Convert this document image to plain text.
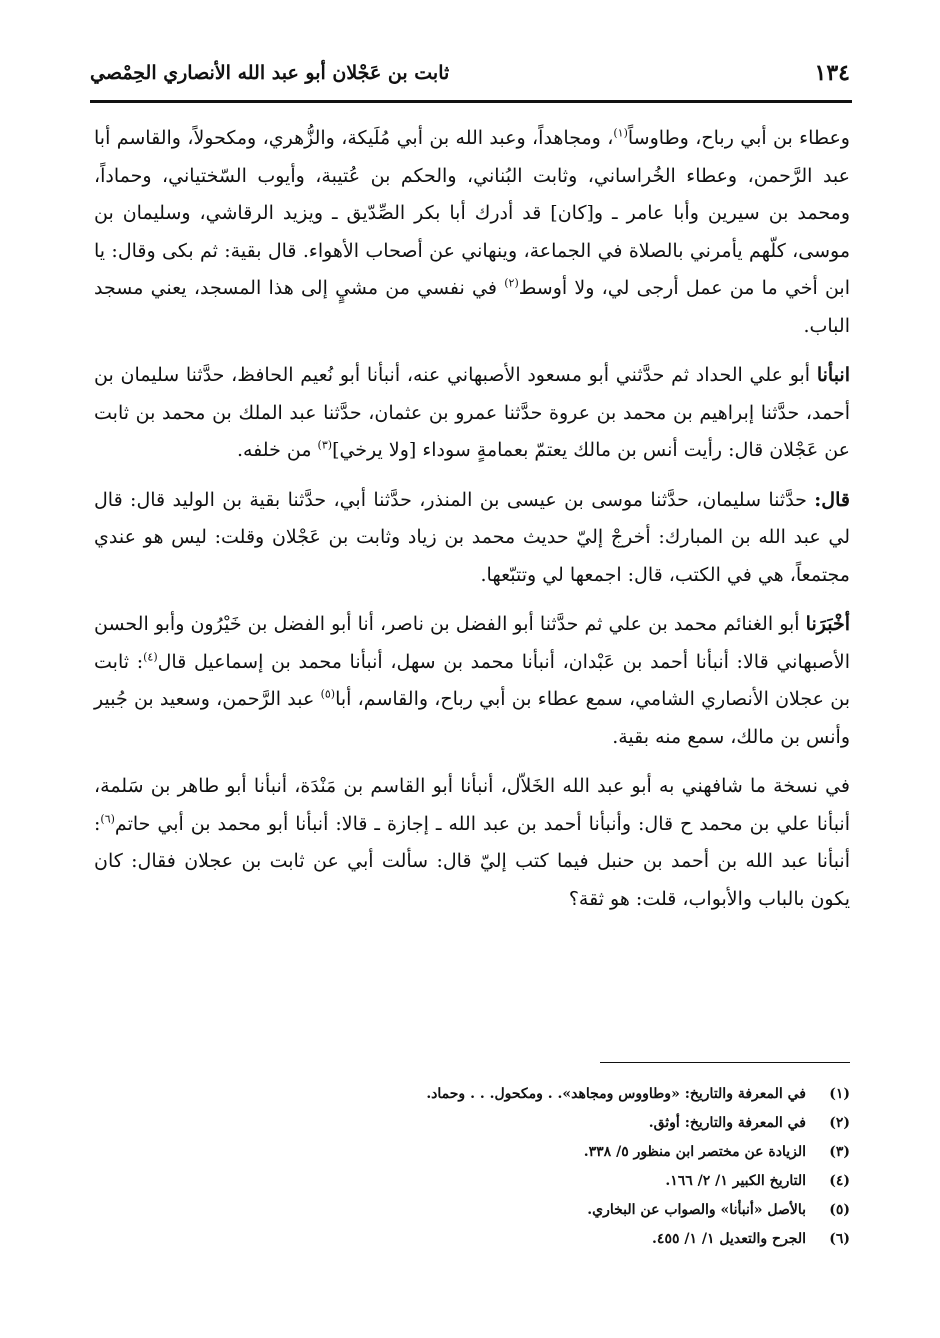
١٣٤
ثابت بن عَجْلان أبو عبد الله الأنصاري الحِمْصي

وعطاء بن أبي رباح، وطاوساً$^{(١)}$، ومجاهداً، وعبد الله بن أبي مُلَيكة، والزُّهري، ومكحولاً، والقاسم أبا عبد الرَّحمن، وعطاء الخُراساني، وثابت البُناني، والحكم بن عُتيبة، وأيوب السّختياني، وحماداً، ومحمد بن سيرين وأبا عامر ـ و[كان] قد أدرك أبا بكر الصِّدّيق ـ ويزيد الرقاشي، وسليمان بن موسى، كلّهم يأمرني بالصلاة في الجماعة، وينهاني عن أصحاب الأهواء. قال بقية: ثم بكى وقال: يا ابن أخي ما من عمل أرجى لي، ولا أوسط$^{(٢)}$ في نفسي من مشيٍ إلى هذا المسجد، يعني مسجد الباب.

انبأنا أبو علي الحداد ثم حدَّثني أبو مسعود الأصبهاني عنه، أنبأنا أبو نُعيم الحافظ، حدَّثنا سليمان بن أحمد، حدَّثنا إبراهيم بن محمد بن عروة حدَّثنا عمرو بن عثمان، حدَّثنا عبد الملك بن محمد بن ثابت عن عَجْلان قال: رأيت أنس بن مالك يعتمّ بعمامةٍ سوداء [ولا يرخي]$^{(٣)}$ من خلفه.

قال: حدَّثنا سليمان، حدَّثنا موسى بن عيسى بن المنذر، حدَّثنا أبي، حدَّثنا بقية بن الوليد قال: قال لي عبد الله بن المبارك: أخرجْ إليّ حديث محمد بن زياد وثابت بن عَجْلان وقلت: ليس هو عندي مجتمعاً، هي في الكتب، قال: اجمعها لي وتتبّعها.

أخْبَرَنا أبو الغنائم محمد بن علي ثم حدَّثنا أبو الفضل بن ناصر، أنا أبو الفضل بن خَيْرُون وأبو الحسن الأصبهاني قالا: أنبأنا أحمد بن عَبْدان، أنبأنا محمد بن سهل، أنبأنا محمد بن إسماعيل قال$^{(٤)}$: ثابت بن عجلان الأنصاري الشامي، سمع عطاء بن أبي رباح، والقاسم، أبا$^{(٥)}$ عبد الرَّحمن، وسعيد بن جُبير وأنس بن مالك، سمع منه بقية.

في نسخة ما شافهني به أبو عبد الله الخَلاّل، أنبأنا أبو القاسم بن مَنْدَة، أنبأنا أبو طاهر بن سَلمة، أنبأنا علي بن محمد ح قال: وأنبأنا أحمد بن عبد الله ـ إجازة ـ قالا: أنبأنا أبو محمد بن أبي حاتم$^{(٦)}$: أنبأنا عبد الله بن أحمد بن حنبل فيما كتب إليّ قال: سألت أبي عن ثابت بن عجلان فقال: كان يكون بالباب والأبواب، قلت: هو ثقة؟

(١)
في المعرفة والتاريخ: «وطاووس ومجاهد». . ومكحول. . . وحماد.
(٢)
في المعرفة والتاريخ: أوثق.
(٣)
الزيادة عن مختصر ابن منظور ٥/ ٣٣٨.
(٤)
التاريخ الكبير ١/ ٢/ ١٦٦.
(٥)
بالأصل «أنبأنا» والصواب عن البخاري.
(٦)
الجرح والتعديل ١/ ١/ ٤٥٥.
